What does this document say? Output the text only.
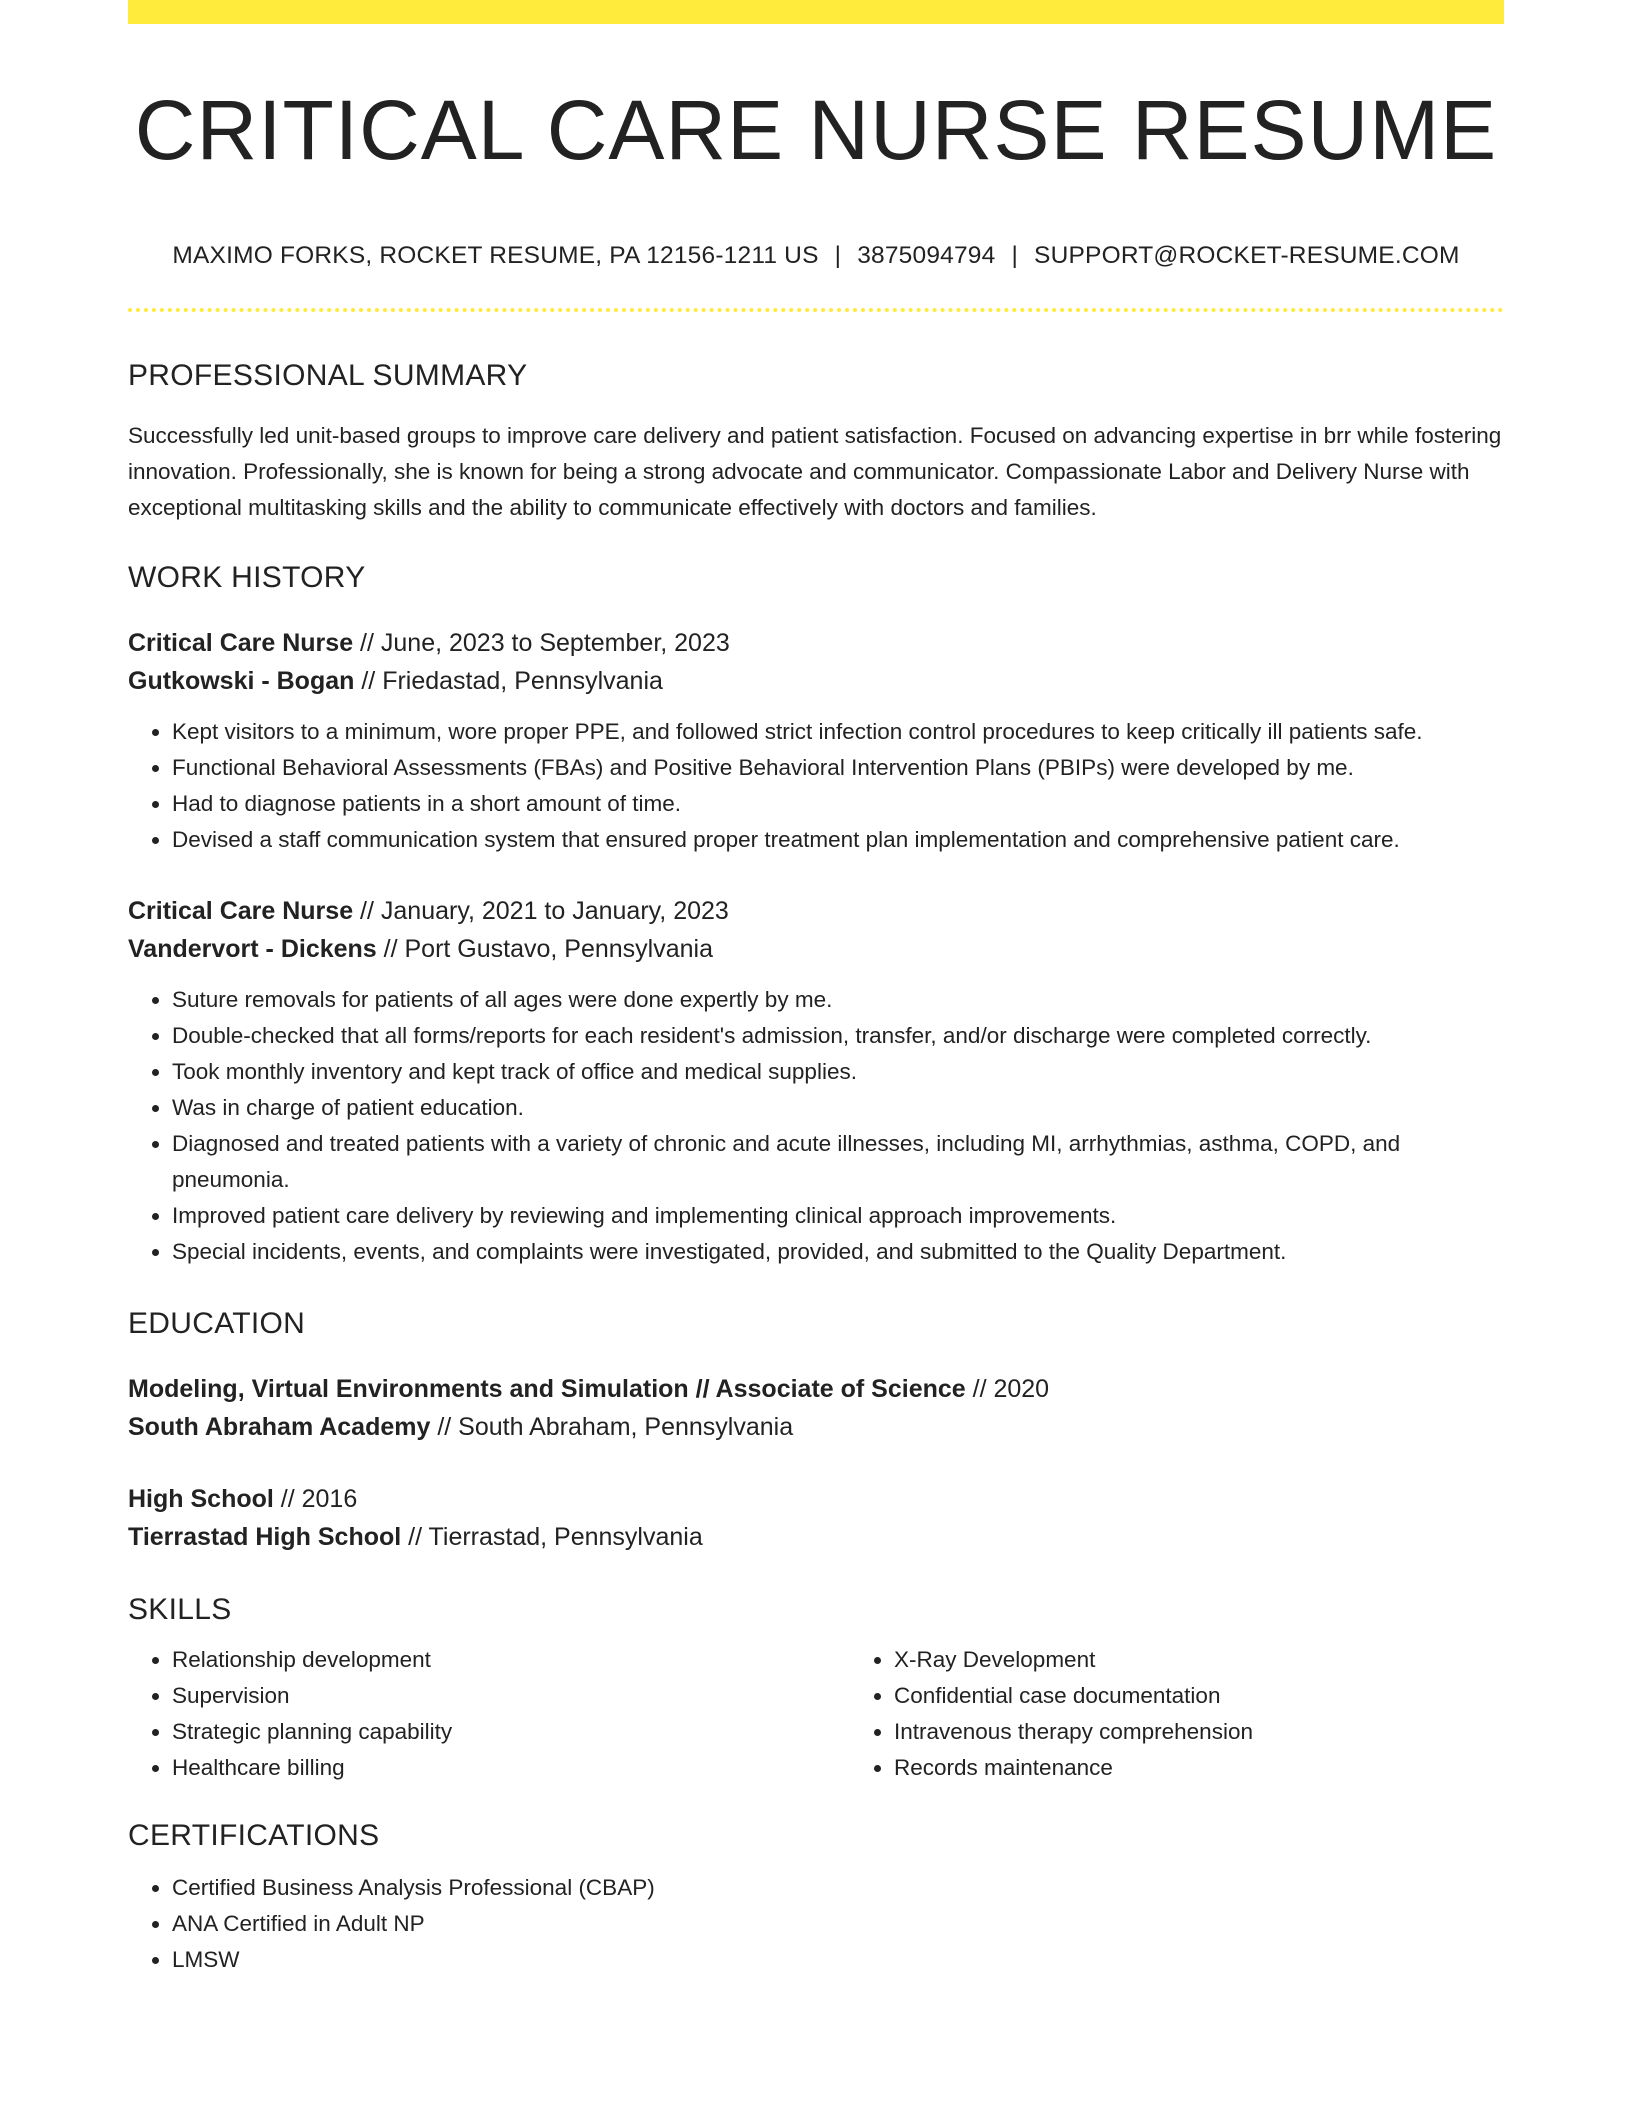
CRITICAL CARE NURSE RESUME
MAXIMO FORKS, ROCKET RESUME, PA 12156-1211 US | 3875094794 | SUPPORT@ROCKET-RESUME.COM
PROFESSIONAL SUMMARY

Successfully led unit-based groups to improve care delivery and patient satisfaction. Focused on advancing expertise in brr while fostering innovation. Professionally, she is known for being a strong advocate and communicator. Compassionate Labor and Delivery Nurse with exceptional multitasking skills and the ability to communicate effectively with doctors and families.

WORK HISTORY
Critical Care Nurse // June, 2023 to September, 2023
Gutkowski - Bogan // Friedastad, Pennsylvania
• Kept visitors to a minimum, wore proper PPE, and followed strict infection control procedures to keep critically ill patients safe.
• Functional Behavioral Assessments (FBAs) and Positive Behavioral Intervention Plans (PBIPs) were developed by me.
• Had to diagnose patients in a short amount of time.
• Devised a staff communication system that ensured proper treatment plan implementation and comprehensive patient care.
Critical Care Nurse // January, 2021 to January, 2023
Vandervort - Dickens // Port Gustavo, Pennsylvania
• Suture removals for patients of all ages were done expertly by me.
• Double-checked that all forms/reports for each resident's admission, transfer, and/or discharge were completed correctly.
• Took monthly inventory and kept track of office and medical supplies.
• Was in charge of patient education.
• Diagnosed and treated patients with a variety of chronic and acute illnesses, including MI, arrhythmias, asthma, COPD, and pneumonia.
• Improved patient care delivery by reviewing and implementing clinical approach improvements.
• Special incidents, events, and complaints were investigated, provided, and submitted to the Quality Department.
EDUCATION
Modeling, Virtual Environments and Simulation // Associate of Science // 2020
South Abraham Academy // South Abraham, Pennsylvania
High School // 2016
Tierrastad High School // Tierrastad, Pennsylvania
SKILLS
• Relationship development
• Supervision
• Strategic planning capability
• Healthcare billing
• X-Ray Development
• Confidential case documentation
• Intravenous therapy comprehension
• Records maintenance
CERTIFICATIONS
• Certified Business Analysis Professional (CBAP)
• ANA Certified in Adult NP
• LMSW
